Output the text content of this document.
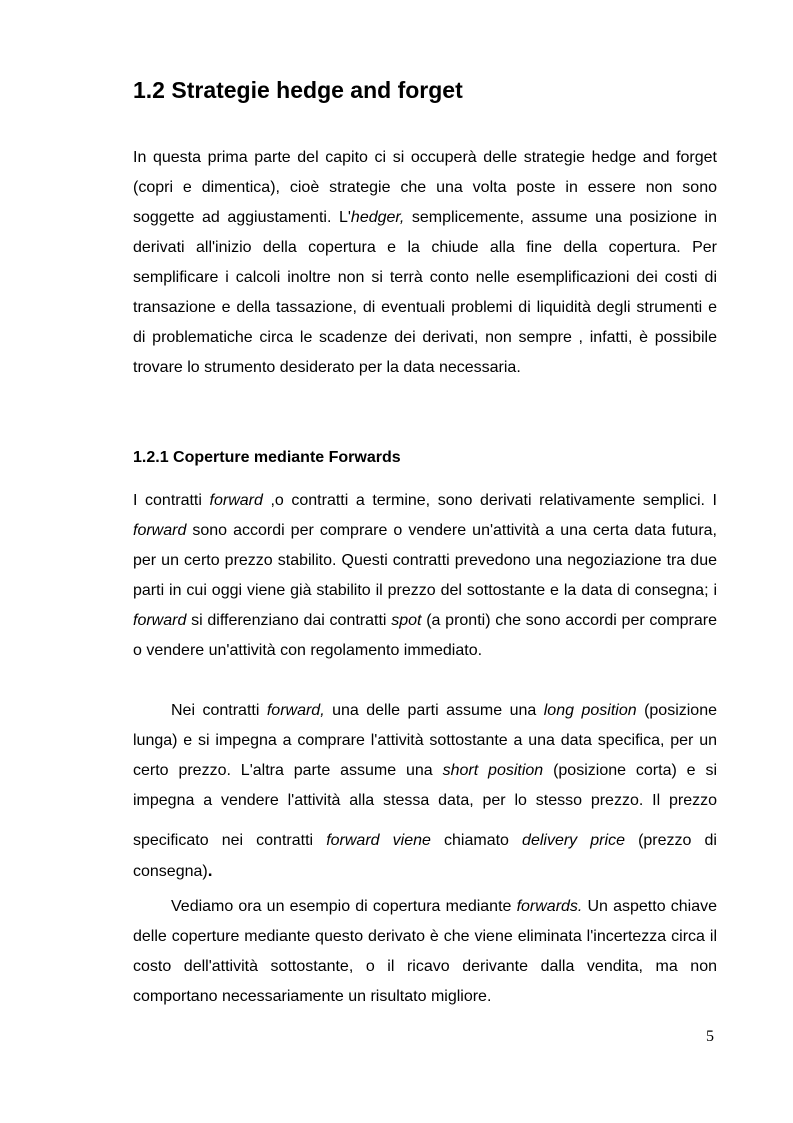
1.2 Strategie hedge and forget

In questa prima parte del capito ci si occuperà delle strategie hedge and forget (copri e dimentica), cioè strategie che una volta poste in essere non sono soggette ad aggiustamenti. L'hedger, semplicemente, assume una posizione in derivati all'inizio della copertura e la chiude alla fine della copertura. Per semplificare i calcoli inoltre non si terrà conto nelle esemplificazioni dei costi di transazione e della tassazione, di eventuali problemi di liquidità degli strumenti e di problematiche circa le scadenze dei derivati, non sempre , infatti, è possibile trovare lo strumento desiderato per la data necessaria.

1.2.1 Coperture mediante Forwards

I contratti forward ,o contratti a termine, sono derivati relativamente semplici. I forward sono accordi per comprare o vendere un'attività a una certa data futura, per un certo prezzo stabilito. Questi contratti prevedono una negoziazione tra due parti in cui oggi viene già stabilito il prezzo del sottostante e la data di consegna; i forward si differenziano dai contratti spot (a pronti) che sono accordi per comprare o vendere un'attività con regolamento immediato.

Nei contratti forward, una delle parti assume una long position (posizione lunga) e si impegna a comprare l'attività sottostante a una data specifica, per un certo prezzo. L'altra parte assume una short position (posizione corta) e si impegna a vendere l'attività alla stessa data, per lo stesso prezzo. Il prezzo specificato nei contratti forward viene chiamato delivery price (prezzo di consegna).

Vediamo ora un esempio di copertura mediante forwards. Un aspetto chiave delle coperture mediante questo derivato è che viene eliminata l'incertezza circa il costo dell'attività sottostante, o il ricavo derivante dalla vendita, ma non comportano necessariamente un risultato migliore.

5
